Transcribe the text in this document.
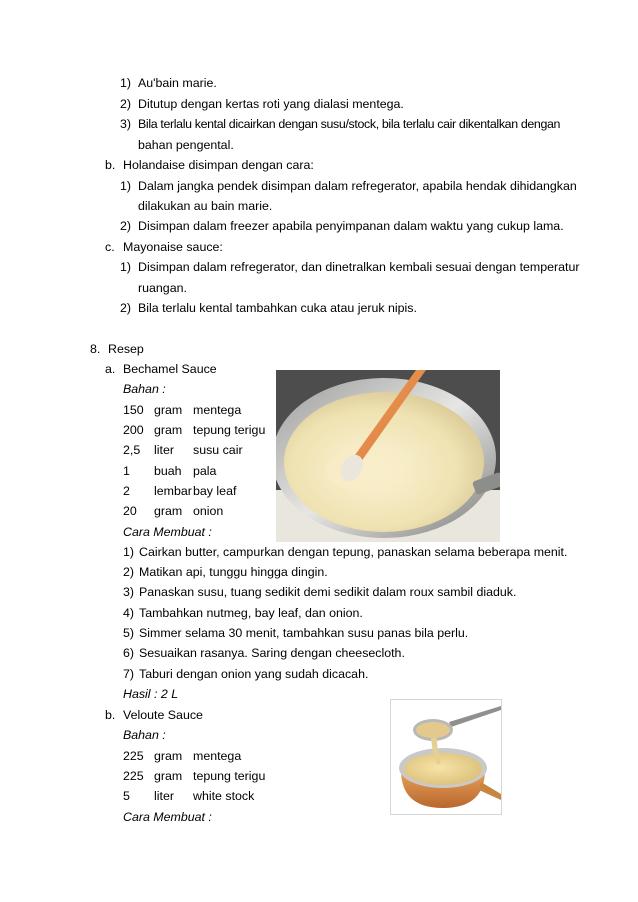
1) Au'bain marie.
2) Ditutup dengan kertas roti yang dialasi mentega.
3) Bila terlalu kental dicairkan dengan susu/stock, bila terlalu cair dikentalkan dengan
bahan pengental.
b. Holandaise disimpan dengan cara:
1) Dalam jangka pendek disimpan dalam refregerator, apabila hendak dihidangkan
dilakukan au bain marie.
2) Disimpan dalam freezer apabila penyimpanan dalam waktu yang cukup lama.
c. Mayonaise sauce:
1) Disimpan dalam refregerator, dan dinetralkan kembali sesuai dengan temperatur
ruangan.
2) Bila terlalu kental tambahkan cuka atau jeruk nipis.
8. Resep
a. Bechamel Sauce
Bahan :
150 gram mentega
200 gram tepung terigu
2,5 liter susu cair
1 buah pala
2 lembar bay leaf
20 gram onion
Cara Membuat :
1) Cairkan butter, campurkan dengan tepung, panaskan selama beberapa menit.
2) Matikan api, tunggu hingga dingin.
3) Panaskan susu, tuang sedikit demi sedikit dalam roux sambil diaduk.
4) Tambahkan nutmeg, bay leaf, dan onion.
5) Simmer selama 30 menit, tambahkan susu panas bila perlu.
6) Sesuaikan rasanya. Saring dengan cheesecloth.
7) Taburi dengan onion yang sudah dicacah.
Hasil : 2 L
b. Veloute Sauce
Bahan :
225 gram mentega
225 gram tepung terigu
5 liter white stock
Cara Membuat :
